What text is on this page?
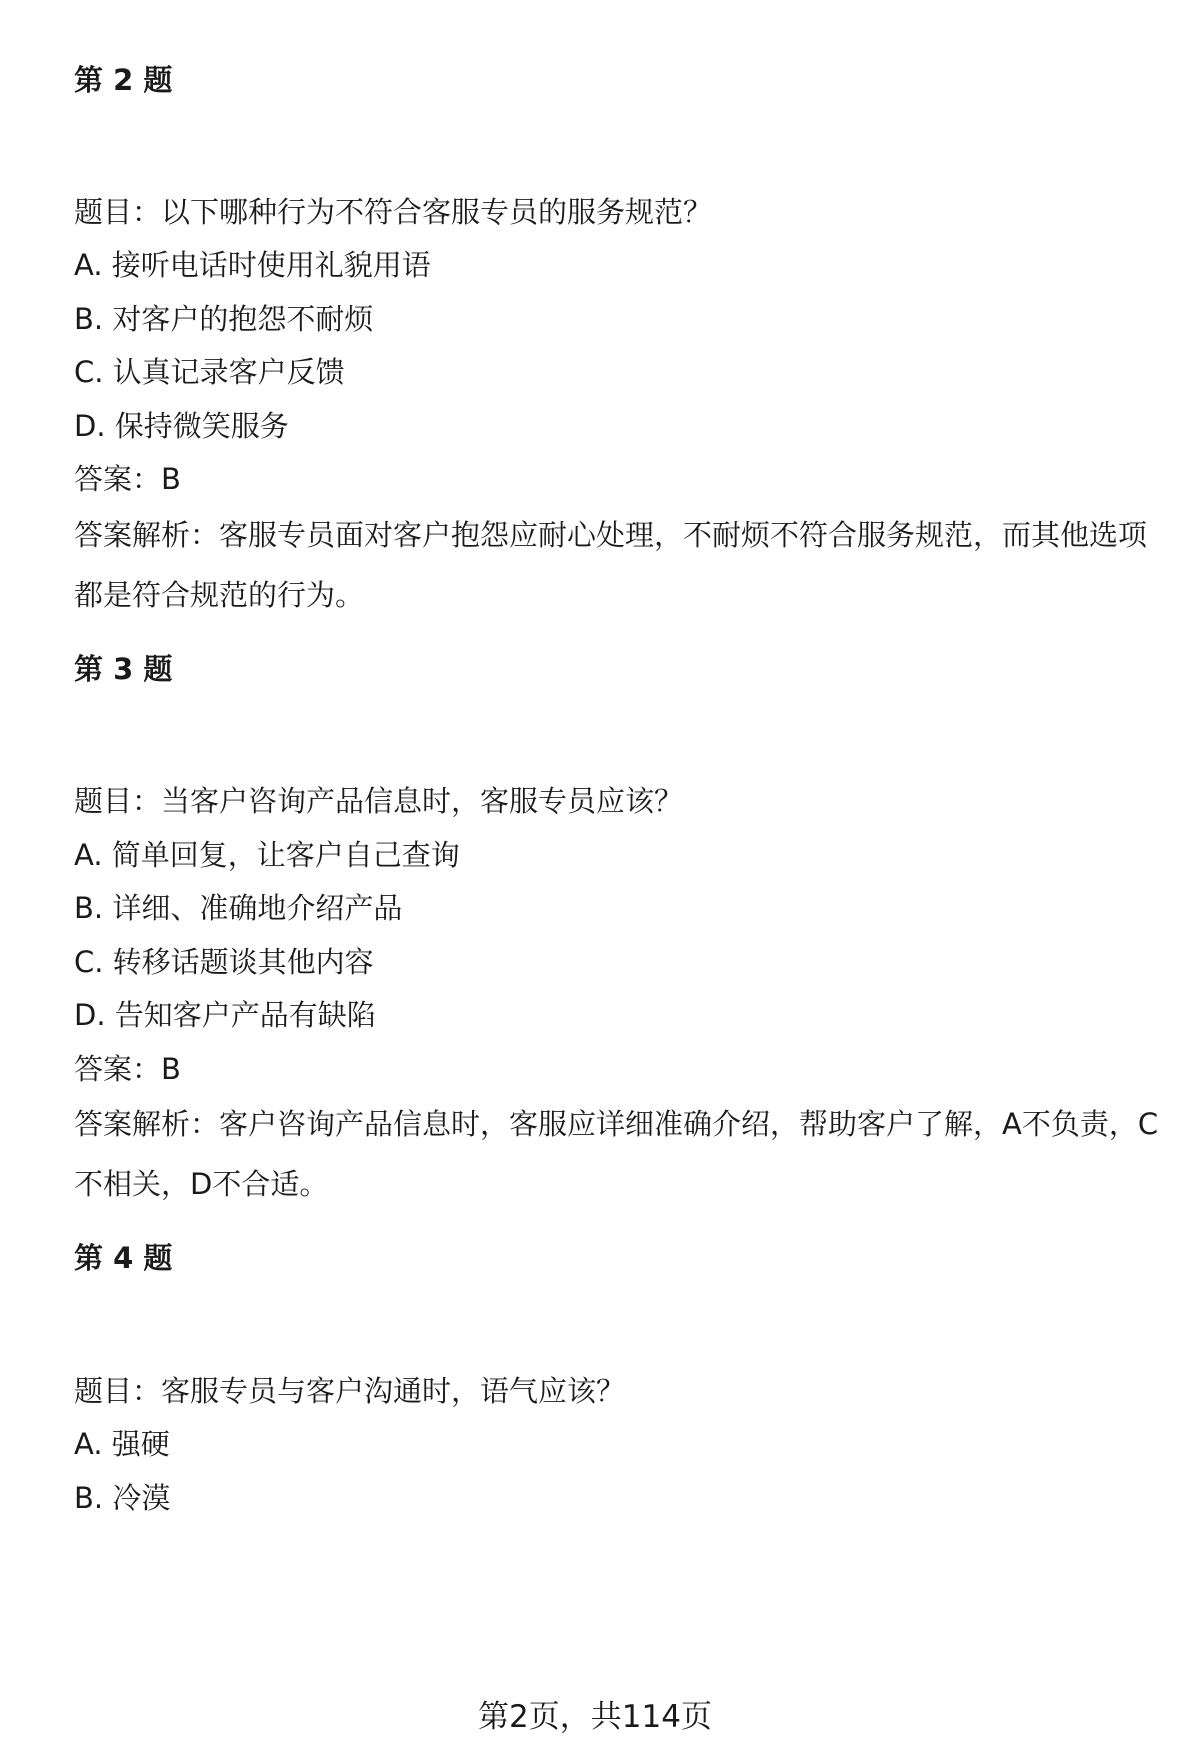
第 2 题
题目：以下哪种行为不符合客服专员的服务规范？
A. 接听电话时使用礼貌用语
B. 对客户的抱怨不耐烦
C. 认真记录客户反馈
D. 保持微笑服务
答案：B
答案解析：客服专员面对客户抱怨应耐心处理，不耐烦不符合服务规范，而其他选项都是符合规范的行为。
第 3 题
题目：当客户咨询产品信息时，客服专员应该？
A. 简单回复，让客户自己查询
B. 详细、准确地介绍产品
C. 转移话题谈其他内容
D. 告知客户产品有缺陷
答案：B
答案解析：客户咨询产品信息时，客服应详细准确介绍，帮助客户了解，A不负责，C不相关，D不合适。
第 4 题
题目：客服专员与客户沟通时，语气应该？
A. 强硬
B. 冷漠
第2页，共114页
